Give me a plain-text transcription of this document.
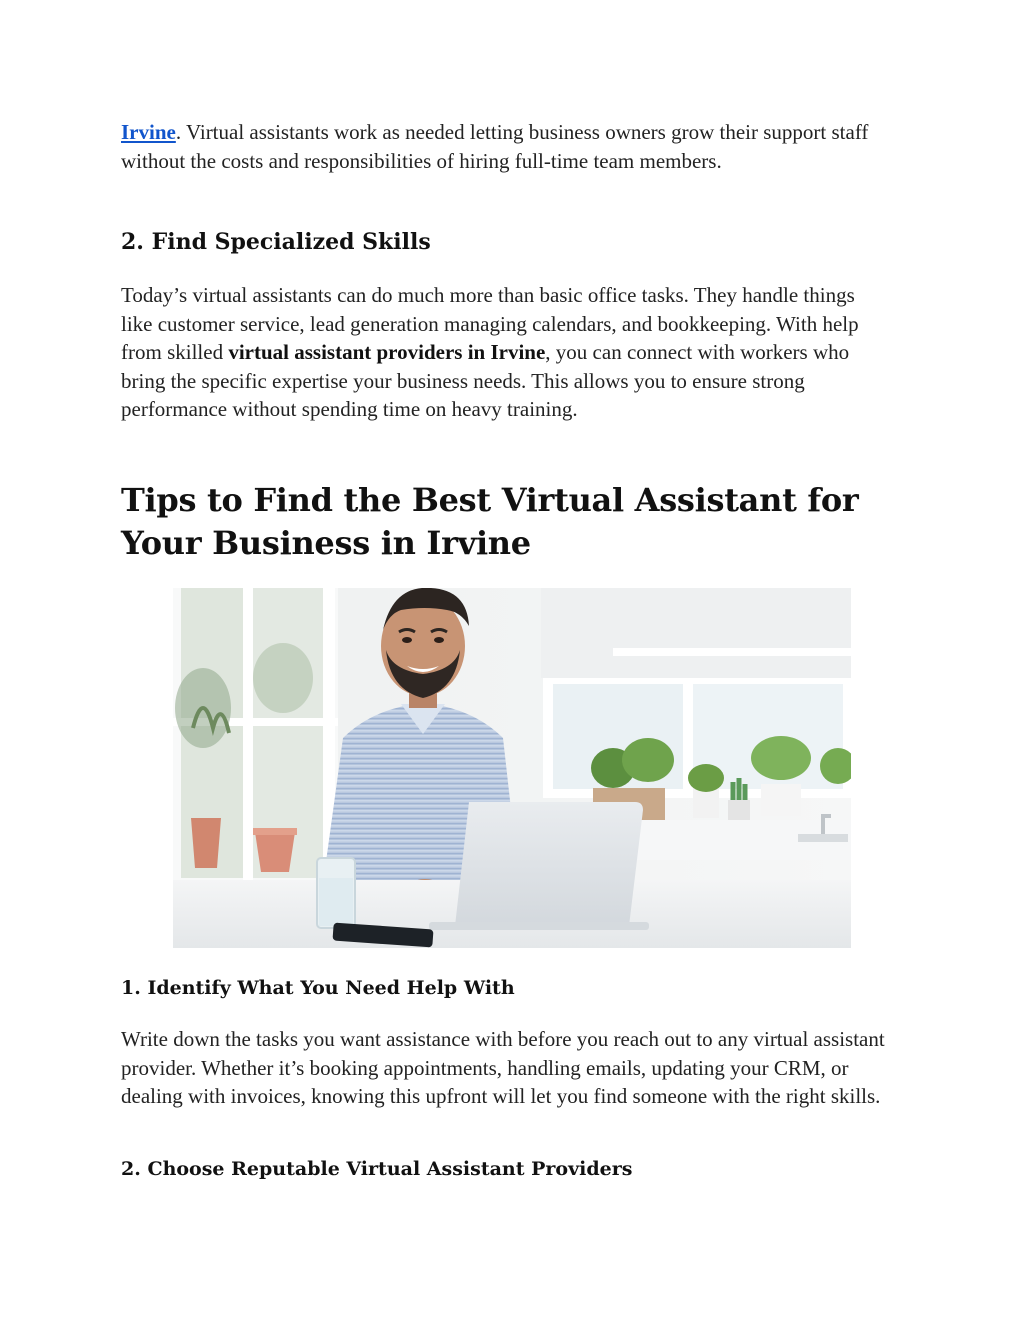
Irvine. Virtual assistants work as needed letting business owners grow their support staff without the costs and responsibilities of hiring full-time team members.

2. Find Specialized Skills

Today’s virtual assistants can do much more than basic office tasks. They handle things like customer service, lead generation managing calendars, and bookkeeping. With help from skilled virtual assistant providers in Irvine, you can connect with workers who bring the specific expertise your business needs. This allows you to ensure strong performance without spending time on heavy training.

Tips to Find the Best Virtual Assistant for Your Business in Irvine
1. Identify What You Need Help With

Write down the tasks you want assistance with before you reach out to any virtual assistant provider. Whether it’s booking appointments, handling emails, updating your CRM, or dealing with invoices, knowing this upfront will let you find someone with the right skills.

2. Choose Reputable Virtual Assistant Providers
